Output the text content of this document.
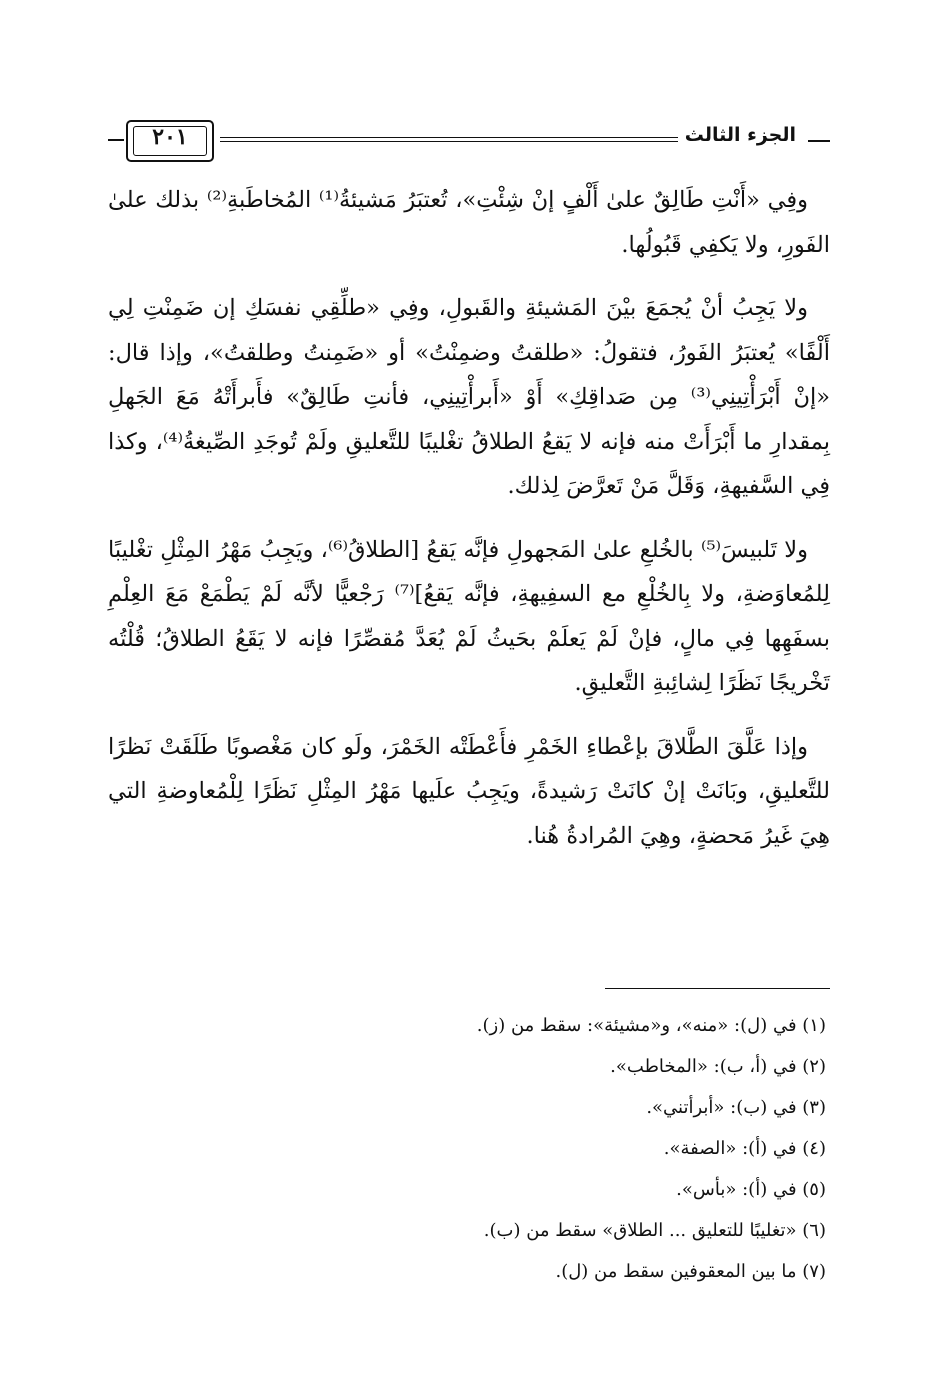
الجزء الثالث
٢٠١

وفِي «أَنْتِ طَالِقٌ علىٰ أَلْفٍ إنْ شِئْتِ»، تُعتبَرُ مَشيئةُ⁽¹⁾ المُخاطَبةِ⁽²⁾ بذلك علىٰ الفَورِ، ولا يَكفِي قَبُولُها.

ولا يَجِبُ أنْ يُجمَعَ بيْنَ المَشيئةِ والقَبولِ، وفِي «طلِّقِي نفسَكِ إن ضَمِنْتِ لِي أَلْفًا» يُعتبَرُ الفَورُ، فتقولُ: «طلقتُ وضمِنْتُ» أو «ضَمِنتُ وطلقتُ»، وإذا قال: «إنْ أَبْرَأْتِينِي⁽³⁾ مِن صَداقِكِ» أَوْ «أَبرأْتِينِي، فأنتِ طَالِقٌ» فأَبرأَتْهُ مَعَ الجَهلِ بِمقدارِ ما أَبْرَأَتْ منه فإنه لا يَقعُ الطلاقُ تغْليبًا للتَّعليقِ ولَمْ تُوجَدِ الصِّيغةُ⁽⁴⁾، وكذا فِي السَّفيهةِ، وَقَلَّ مَنْ تَعرَّضَ لِذلك.

ولا تَلبيسَ⁽⁵⁾ بالخُلعِ علىٰ المَجهولِ فإنَّه يَقعُ [الطلاقُ⁽⁶⁾، ويَجِبُ مَهْرُ المِثْلِ تغْليبًا لِلمُعاوَضةِ، ولا بِالخُلْعِ مع السفِيهةِ، فإنَّه يَقعُ]⁽⁷⁾ رَجْعيًّا لأنَّه لَمْ يَطْمَعْ مَعَ العِلْمِ بسفَهِها فِي مالٍ، فإنْ لَمْ يَعلَمْ بحَيثُ لَمْ يُعَدَّ مُقصِّرًا فإنه لا يَقَعُ الطلاقُ؛ قُلْتُه تَخْريجًا نَظَرًا لِشائِبةِ التَّعليقِ.

وإذا عَلَّقَ الطَّلاقَ بإعْطاءِ الخَمْرِ فأَعْطَتْه الخَمْرَ، ولَو كان مَغْصوبًا طَلَقَتْ نَظرًا للتَّعليقِ، وبَانَتْ إنْ كانَتْ رَشيدةً، ويَجِبُ علَيها مَهْرُ المِثْلِ نَظَرًا لِلْمُعاوضةِ التي هِيَ غَيرُ مَحضةٍ، وهِيَ المُرادةُ هُنا.

(١) في (ل): «منه»، و«مشيئة»: سقط من (ز).
(٢) في (أ، ب): «المخاطب».
(٣) في (ب): «أبرأتني».
(٤) في (أ): «الصفة».
(٥) في (أ): «بأس».
(٦) «تغليبًا للتعليق ... الطلاق» سقط من (ب).
(٧) ما بين المعقوفين سقط من (ل).
